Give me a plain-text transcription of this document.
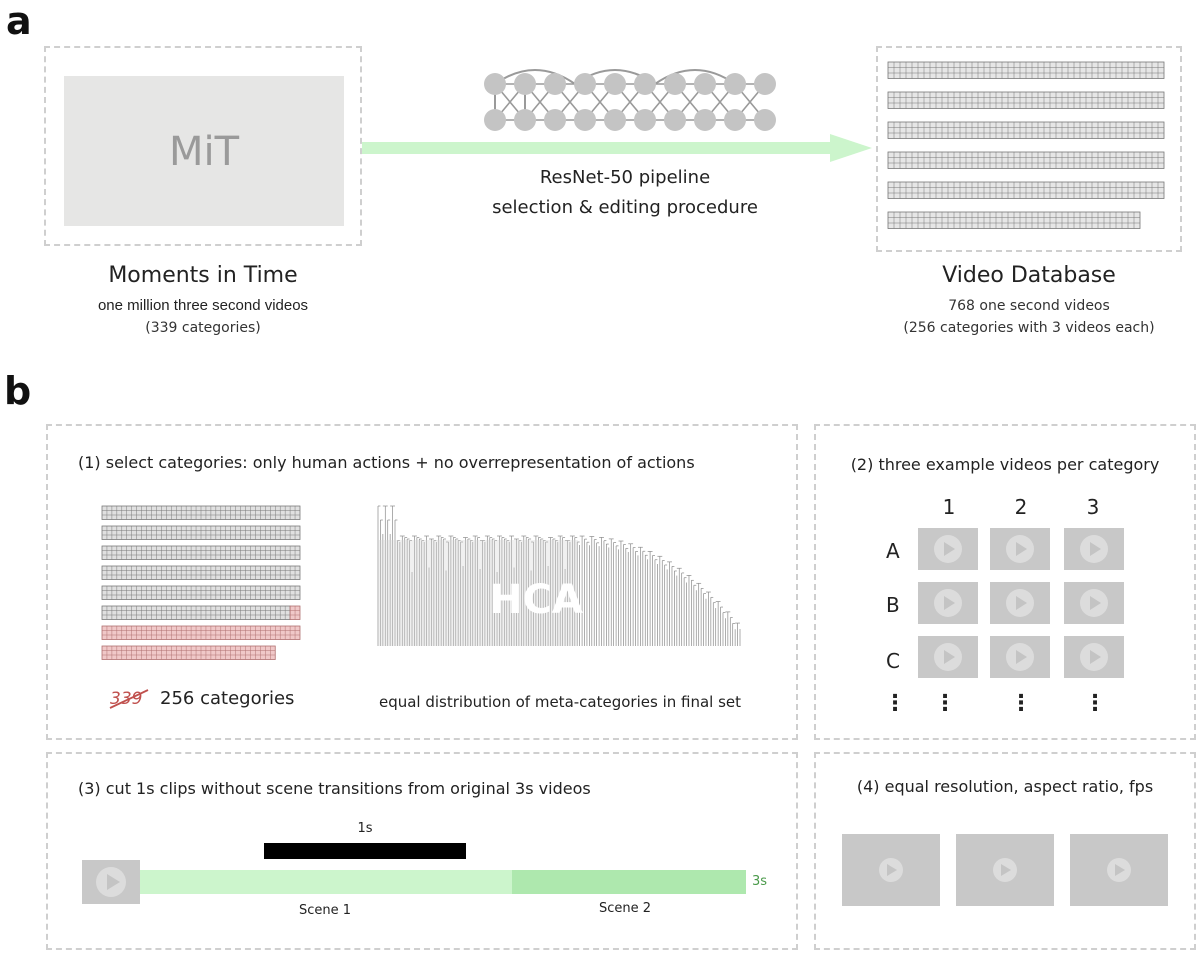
a
MiT
Moments in Time
one million three second videos
(339 categories)
ResNet-50 pipeline
selection & editing procedure
Video Database
768 one second videos
(256 categories with 3 videos each)
b
(1) select categories: only human actions + no overrepresentation of actions
339 256 categories
HCA
equal distribution of meta-categories in final set
(2) three example videos per category
1	2	3
A
B
C
⋮ ⋮ ⋮ ⋮
(3) cut 1s clips without scene transitions from original 3s videos
1s
3s
Scene 1	Scene 2
(4) equal resolution, aspect ratio, fps
